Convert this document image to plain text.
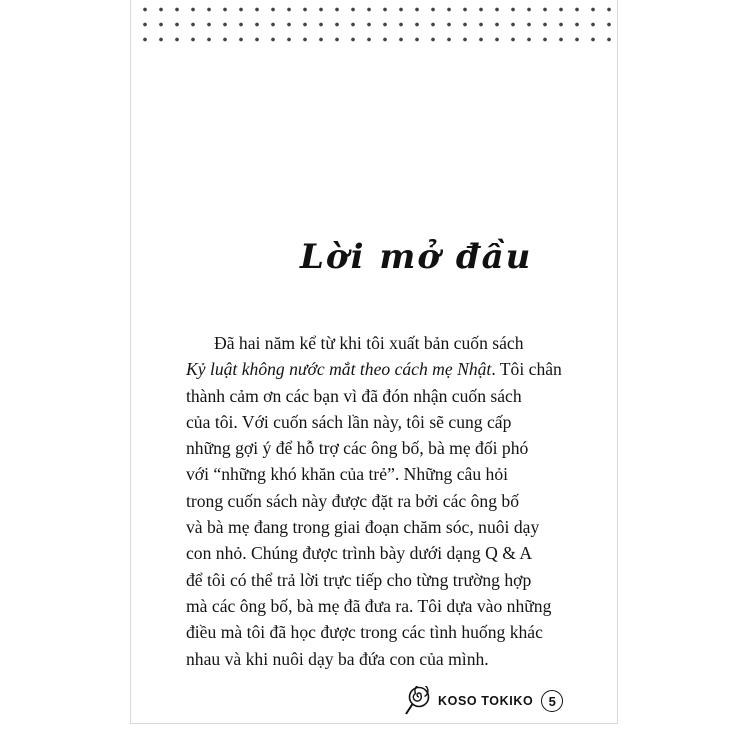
Lời mở đầu
Đã hai năm kể từ khi tôi xuất bản cuốn sách
Kỷ luật không nước mắt theo cách mẹ Nhật. Tôi chân
thành cảm ơn các bạn vì đã đón nhận cuốn sách
của tôi. Với cuốn sách lần này, tôi sẽ cung cấp
những gợi ý để hỗ trợ các ông bố, bà mẹ đối phó
với “những khó khăn của trẻ”. Những câu hỏi
trong cuốn sách này được đặt ra bởi các ông bố
và bà mẹ đang trong giai đoạn chăm sóc, nuôi dạy
con nhỏ. Chúng được trình bày dưới dạng Q & A
để tôi có thể trả lời trực tiếp cho từng trường hợp
mà các ông bố, bà mẹ đã đưa ra. Tôi dựa vào những
điều mà tôi đã học được trong các tình huống khác
nhau và khi nuôi dạy ba đứa con của mình.
KOSO TOKIKO	5
